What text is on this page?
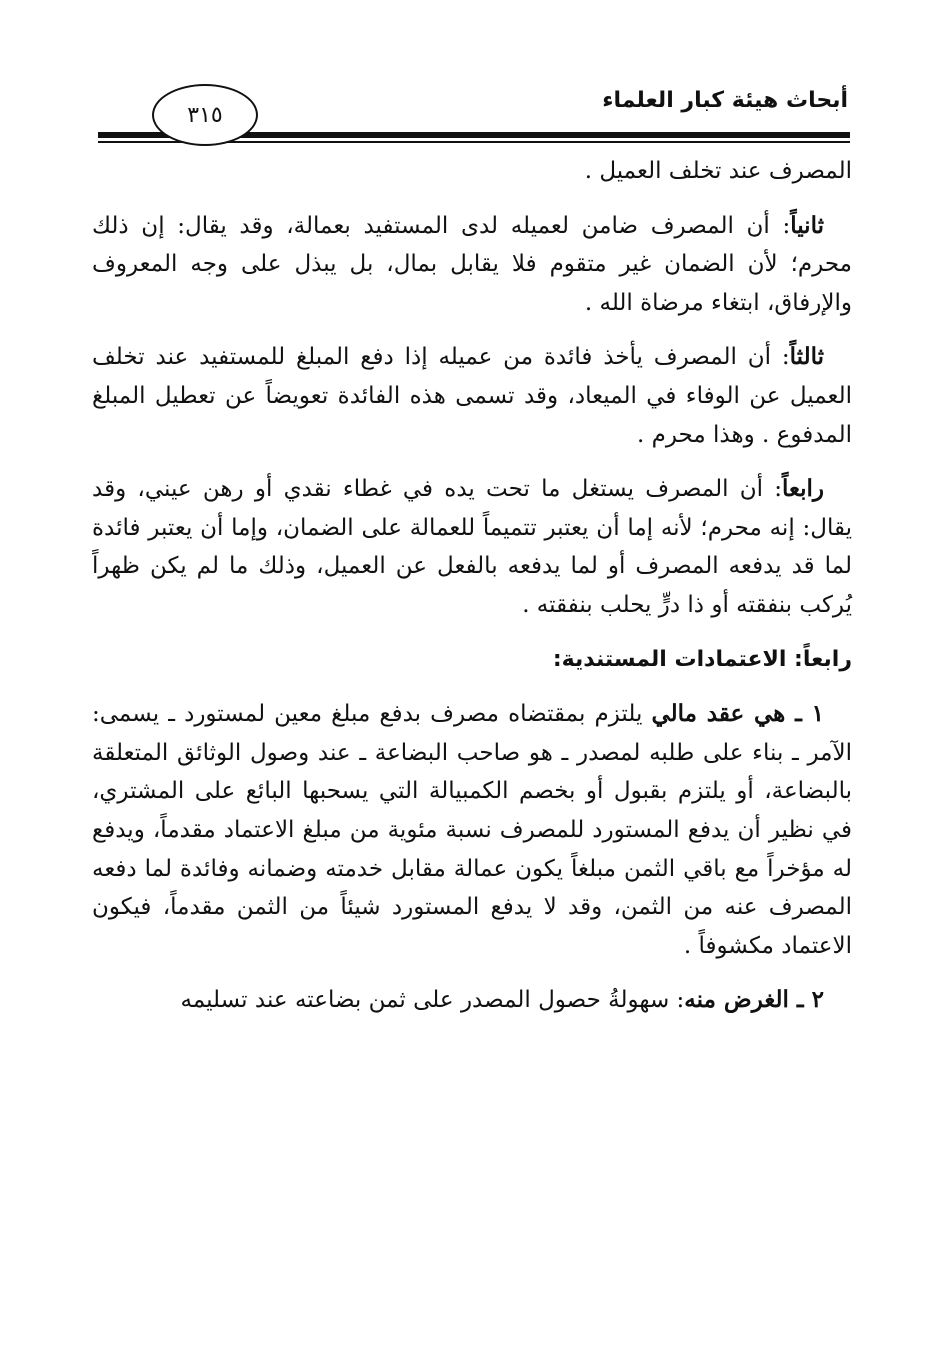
أبحاث هيئة كبار العلماء
٣١٥

المصرف عند تخلف العميل .

ثانياً: أن المصرف ضامن لعميله لدى المستفيد بعمالة، وقد يقال: إن ذلك محرم؛ لأن الضمان غير متقوم فلا يقابل بمال، بل يبذل على وجه المعروف والإرفاق، ابتغاء مرضاة الله .

ثالثاً: أن المصرف يأخذ فائدة من عميله إذا دفع المبلغ للمستفيد عند تخلف العميل عن الوفاء في الميعاد، وقد تسمى هذه الفائدة تعويضاً عن تعطيل المبلغ المدفوع . وهذا محرم .

رابعاً: أن المصرف يستغل ما تحت يده في غطاء نقدي أو رهن عيني، وقد يقال: إنه محرم؛ لأنه إما أن يعتبر تتميماً للعمالة على الضمان، وإما أن يعتبر فائدة لما قد يدفعه المصرف أو لما يدفعه بالفعل عن العميل، وذلك ما لم يكن ظهراً يُركب بنفقته أو ذا درٍّ يحلب بنفقته .

رابعاً: الاعتمادات المستندية:

١ ـ هي عقد مالي يلتزم بمقتضاه مصرف بدفع مبلغ معين لمستورد ـ يسمى: الآمر ـ بناء على طلبه لمصدر ـ هو صاحب البضاعة ـ عند وصول الوثائق المتعلقة بالبضاعة، أو يلتزم بقبول أو بخصم الكمبيالة التي يسحبها البائع على المشتري، في نظير أن يدفع المستورد للمصرف نسبة مئوية من مبلغ الاعتماد مقدماً، ويدفع له مؤخراً مع باقي الثمن مبلغاً يكون عمالة مقابل خدمته وضمانه وفائدة لما دفعه المصرف عنه من الثمن، وقد لا يدفع المستورد شيئاً من الثمن مقدماً، فيكون الاعتماد مكشوفاً .

٢ ـ الغرض منه: سهولةُ حصول المصدر على ثمن بضاعته عند تسليمه
